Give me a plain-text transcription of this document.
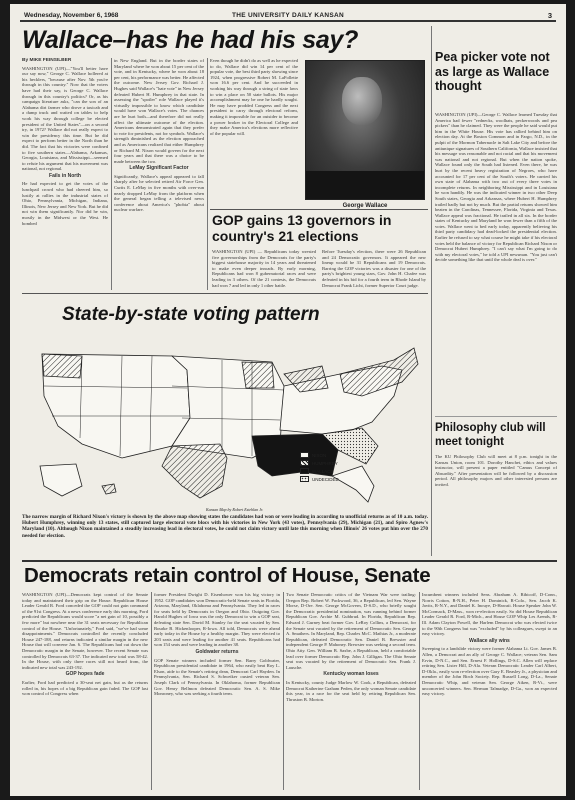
Wednesday, November 6, 1968	THE UNIVERSITY DAILY KANSAN	3
Wallace–has he had his say?
By MIKE FEINSILBER
WASHINGTON (UPI)—"You'll better have our say now," George C. Wallace hollered at his hecklers, "because after Nov. 5th you're through in this country." Now that the voters have had their say, is George C. Wallace through in this country's politics? Or, as his campaign literature asks, "can the son of an Alabama dirt farmer who drove a taxicab and a dump truck and waited on tables to help work his way through college be elected president of the United States"—on a second try, in 1972? Wallace did not really expect to win the presidency this time. But he did expect to perform better in the North than he did. The fact that his victories were confined to five southern states—Alabama, Arkansas, Georgia, Louisiana, and Mississippi—seemed to refute his argument that his movement was national, not regional.
Fails in North
He had expected to get the votes of the lunchpail crowd who had cheered him, so lustily at rallies in the industrial states of Ohio, Pennsylvania, Michigan, Indiana, Illinois, New Jersey and New York. But he did not win them significantly. Nor did he win, mostly in the Midwest or the West. He bombed
in New England. But in the border states of Maryland where he won about 15 per cent of the vote, and in Kentucky, where he won about 18 per cent, his performance was better. He affected the outcome. New Jersey Gov. Richard J. Hughes said Wallace's "hate vote" in New Jersey defeated Hubert H. Humphrey in that state. In assessing the "spoiler" role Wallace played it's virtually impossible to know which candidate would have won Wallace's votes. The chances are he hurt both—and therefore did not really affect the ultimate outcome of the election. Americans demonstrated again that they prefer to vote for presidents, not for symbols. Wallace's strength diminished as the election approached and as Americans realized that either Humphrey or Richard M. Nixon would govern for the next four years and that there was a choice to be made between the two.
LeMay Significant Factor
Significantly, Wallace's appeal appeared to fall sharply after he selected retired Air Force Gen. Curtis E. LeMay in five months with over-run nearly dropped LeMay from the platform when the general began telling a televised news conference about America's "phobia" about nuclear warfare.
Even though he didn't do as well as he expected to do, Wallace did win 14 per cent of the popular vote, the best third party showing since 1924, when progressive Robert M. LaFollette won 16.6 per cent. And he succeeded in working his way through a string of state laws to win a place on 50 state ballots. His major accomplishment may be one he hardly sought. He may have prodded Congress and the next president to carry through electoral reform, making it impossible for an outsider to become a power broker in the Electoral College and they make America's elections more reflective of the popular will.
George Wallace
GOP gains 13 governors in country's 21 elections
WASHINGTON (UPI) — Republicans today wrested five governorships from the Democrats for the party's biggest statehouse majority in 14 years and threatened to make even deeper inroads. By early morning, Republicans had won 8 gubernatorial races and were leading in 3 others. Of the 21 contests, the Democrats had won 7 and led in only 1 other battle.
Before Tuesday's election, there were 26 Republican and 24 Democratic governors. It appeared the new lineup would be 31 Republicans and 19 Democrats. Barring the GOP victories was a disaster for one of the party's brightest young stars, Gov. John H. Chafee was defeated in his bid for a fourth term in Rhode Island by Democrat Frank Licht, former Superior Court judge.
State-by-state voting pattern
NIXON
HUMPHREY
WALLACE
UNDECIDED
Kansan Map by Robert Estehlan Jr.
The narrow margin of Richard Nixon's victory is shown by the above map showing states the candidates had won or were leading in according to unofficial returns as of 10 a.m. today. Hubert Humphrey, winning only 13 states, still captured large electoral vote blocs with his victories in New York (43 votes), Pennsylvania (29), Michigan (21), and Spiro Agnew's Maryland (10). Although Nixon maintained a steadily increasing lead in electoral votes, he could not claim victory until late this morning when Illinois' 26 votes put him over the 270 needed for election.
Pea picker vote not as large as Wallace thought
WASHINGTON (UPI)—George C. Wallace learned Tuesday that America had fewer "rednecks, woolhats, peckerwoods and pea pickers" than he claimed. They were the people he said would put him in the White House. His vote has rallied behind him on election day. At the Boston Common and in Fargo, N.D., in the pulpit of the Mormon Tabernacle in Salt Lake City and before the antiunique signatures of Southern California, Wallace insisted that his message was reasonable and not racial and that his movement was national and not regional. But when the nation spoke, Wallace found only the South had listened. Even there, he was hurt by the recent heavy registration of Negroes, who have accounted for 17 per cent of the South's voters. He carried his own state of Alabama with two out of every three votes in incomplete returns. In neighboring Mississippi and in Louisiana he won handily. He was the indicated winner in two other Deep South states, Georgia and Arkansas, where Hubert H. Humphrey trailed badly but not by much. But the partial returns showed him beaten in the Carolinas, Tennessee, Florida, Virginia and Texas. Wallace appeal was fractional. He trailed in all six. In the border states of Kentucky and Maryland he won fewer than a fifth of the votes. Wallace went to bed early today, apparently believing his third party candidacy had dead-locked the presidential election. Earlier he refused to say what course he might take if his electoral votes held the balance of victory for Republican Richard Nixon or Democrat Hubert Humphrey. "I can't say what I'm going to do with my electoral votes," he told a UPI newsman. "You just can't decide something like that until the whole deal is over."
Philosophy club will meet tonight
The KU Philosophy Club will meet at 8 p.m. tonight in the Kansas Union, room 101. Dorothy Hanchet, ethics and values instructor, will present a paper entitled "Camus Concept of Absurdity." After presentation will be followed by a discussion period. All philosophy majors and other interested persons are invited.
Democrats retain control of House, Senate
WASHINGTON (UPI)—Democrats kept control of the Senate today and maintained their grip on the House. Republican House Leader Gerald R. Ford conceded the GOP could not gain command of the 91st Congress. At a news conference early this morning, Ford predicted the Republicans would score "a net gain of 10, possibly a few more" but nowhere near the 31 seats necessary for Republican control of the House. "Unfortunately," Ford said, "we've had some disappointments." Democrats controlled the recently concluded House 247-188, and returns indicated a similar margin in the new House that will convene Jan. 6. The Republicans had cut down the Democratic margin in the Senate, however. The recent Senate was controlled by Democrats 63-37. The indicated new total was 58-42. In the House, with only three races still not heard from, the indicated new total was 243-192.
GOP hopes fade
Earlier, Ford had predicted a 30-seat net gain, but as the returns rolled in, his hopes of a big Republican gain faded. The GOP last won control of Congress when
former President Dwight D. Eisenhower won his big victory in 1952. GOP candidates won Democratic-held Senate seats in Florida, Arizona, Maryland, Oklahoma and Pennsylvania. They led in races for seats held by Democrats in Oregon and Ohio. Outgoing Gov. Harold Hughes of Iowa was the only Democrat to win a GOP seat, defeating state Sen. David M. Stanley for the seat vacated by Sen. Bourke B. Hickenlooper, R-Iowa. All told, Democrats were ahead early today in the House by a healthy margin. They were elected to 203 seats and were leading for another 41 seats. Republicans had won 154 seats and were leading in another 38.
Goldwater returns
GOP Senate winners included former Sen. Barry Goldwater, Republican presidential candidate in 1964, who easily beat Roy L. Elson, aide to the Senate's retiring dean, Democrat Carl Hayden. In Pennsylvania, Sen. Richard S. Schweiker ousted veteran Sen. Joseph Clark of Pennsylvania. In Oklahoma, former Republican Gov. Henry Bellmon defeated Democratic Sen. A. S. Mike Monroney, who was seeking a fourth term.
Two Senate Democratic critics of the Vietnam War were trailing: Oregon Rep. Robert W. Packwood, 36, a Republican, led Sen. Wayne Morse, D-Ore. Sen. George McGovern, D-S.D., who briefly sought the Democratic presidential nomination, was running behind former Republican Gov. Archie M. Gubbrud. In Florida, Republican Rep. Edward J. Gurney beat former Gov. LeRoy Collins, a Democrat, for the Senate seat vacated by the retirement of Democratic Sen. George A. Smathers. In Maryland, Rep. Charles McC. Mathias Jr., a moderate Republican, defeated Democratic Sen. Daniel B. Brewster and independent George P. Mahoney. Brewster was seeking a second term. Ohio Atty. Gen. William B. Saxbe, a Republican, held a comfortable lead over former Democratic Rep. John J. Gilligan. The Ohio Senate seat was vacated by the retirement of Democratic Sen. Frank J. Lausche.
Kentucky woman loses
In Kentucky, county Judge Marlow W. Cook, a Republican, defeated Democrat Katherine Graham Peden, the only woman Senate candidate this year, in a race for the seat held by retiring Republican Sen. Thruston B. Morton.
Incumbent winners included Sens. Abraham A. Ribicoff, D-Conn., Norris Cotton, R-N.H., Peter H. Dominick, R-Colo., Sen. Jacob K. Javits, R-N.Y., and Daniel K. Inouye, D-Hawaii. House Speaker John W. McCormack, D-Mass., won re-election easily. So did House Republican Leader Gerald R. Ford, R-Mich., and House GOP Whip Les Arends, R-Ill. Adam Clayton Powell, the Harlem Democrat who was elected twice to the 90th Congress but was "excluded" by his colleagues, swept to an easy victory.
Wallace ally wins
Sweeping to a landslide victory were former Alabama Lt. Gov. James B. Allen, a Democrat and an ally of George C. Wallace; veteran Sen. Sam Ervin, D-N.C., and Sen. Ernest F. Hollings, D-S.C. Allen will replace retiring Sen. Lister Hill, D-Ala. Veteran Democratic Leader Carl Albert, D-Okla., easily won re-election over Gary E. Beasley Jr., a physician and member of the John Birch Society. Rep. Russell Long, D-La., Senate Democratic Whip, and veteran Sen. George Aiken, R-Vt., were unconcerted winners. Sen. Herman Talmadge, D-Ga., won an expected easy victory.
